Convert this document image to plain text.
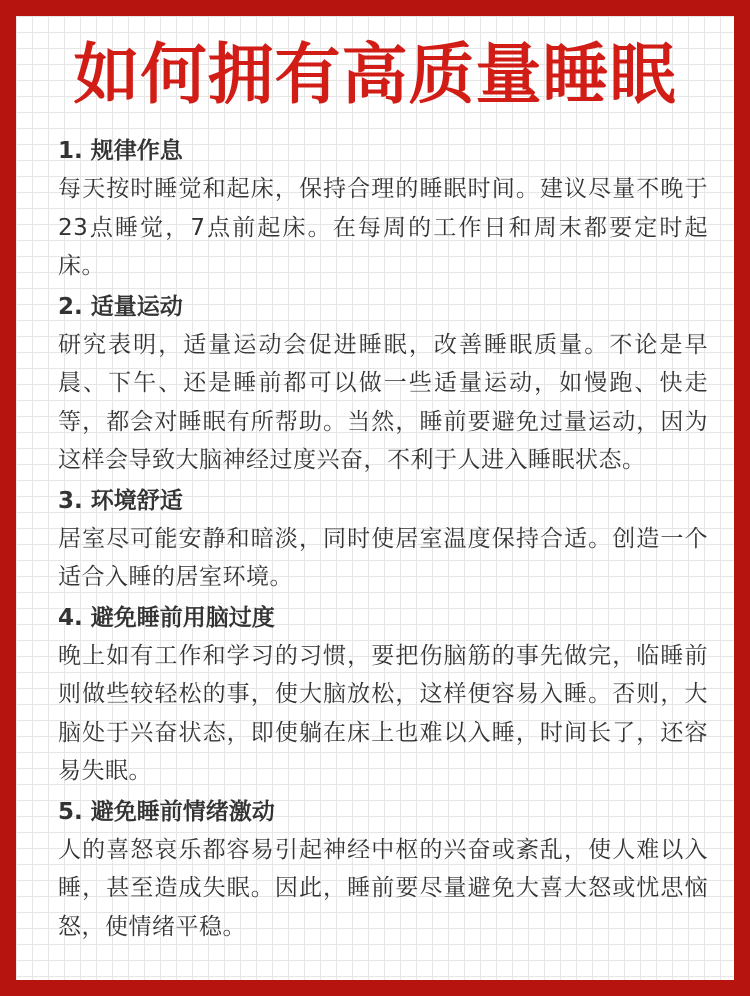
如何拥有高质量睡眠

1. 规律作息

每天按时睡觉和起床，保持合理的睡眠时间。建议尽量不晚于23点睡觉，7点前起床。在每周的工作日和周末都要定时起床。

2. 适量运动

研究表明，适量运动会促进睡眠，改善睡眠质量。不论是早晨、下午、还是睡前都可以做一些适量运动，如慢跑、快走等，都会对睡眠有所帮助。当然，睡前要避免过量运动，因为这样会导致大脑神经过度兴奋，不利于人进入睡眠状态。

3. 环境舒适

居室尽可能安静和暗淡，同时使居室温度保持合适。创造一个适合入睡的居室环境。

4. 避免睡前用脑过度

晚上如有工作和学习的习惯，要把伤脑筋的事先做完，临睡前则做些较轻松的事，使大脑放松，这样便容易入睡。否则，大脑处于兴奋状态，即使躺在床上也难以入睡，时间长了，还容易失眠。

5. 避免睡前情绪激动

人的喜怒哀乐都容易引起神经中枢的兴奋或紊乱，使人难以入睡，甚至造成失眠。因此，睡前要尽量避免大喜大怒或忧思恼怒，使情绪平稳。
